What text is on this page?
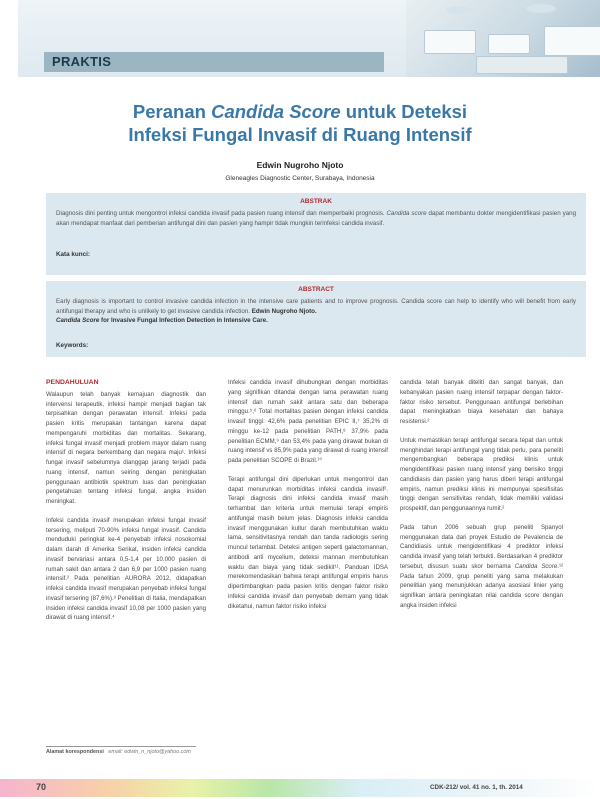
PRAKTIS
Peranan Candida Score untuk Deteksi
Infeksi Fungal Invasif di Ruang Intensif
Edwin Nugroho Njoto
Gleneagles Diagnostic Center, Surabaya, Indonesia
ABSTRAK
Diagnosis dini penting untuk mengontrol infeksi candida invasif pada pasien ruang intensif dan memperbaiki prognosis. Candida score dapat membantu dokter mengidentifikasi pasien yang akan mendapat manfaat dari pemberian antifungal dini dan pasien yang hampir tidak mungkin terinfeksi candida invasif.
Kata kunci:
ABSTRACT
Early diagnosis is important to control invasive candida infection in the intensive care patients and to improve prognosis. Candida score can help to identify who will benefit from early antifungal therapy and who is unlikely to get invasive candida infection. Edwin Nugroho Njoto.
Candida Score for Invasive Fungal Infection Detection in Intensive Care.
Keywords:
PENDAHULUAN

Walaupun telah banyak kemajuan diagnostik dan intervensi terapeutik, infeksi hampir menjadi bagian tak terpisahkan dengan perawatan intensif. Infeksi pada pasien kritis merupakan tantangan karena dapat mempengaruhi morbiditas dan mortalitas. Sekarang, infeksi fungal invasif menjadi problem mayor dalam ruang intensif di negara berkembang dan negara maju¹. Infeksi fungal invasif sebelumnya dianggap jarang terjadi pada ruang intensif, namun seiring dengan peningkatan penggunaan antibiotik spektrum luas dan peningkatan pengetahuan tentang infeksi fungal, angka insiden meningkat.

Infeksi candida invasif merupakan infeksi fungal invasif tersering, meliputi 70-90% infeksi fungal invasif. Candida menduduki peringkat ke-4 penyebab infeksi nosokomial dalam darah di Amerika Serikat, insiden infeksi candida invasif bervariasi antara 0,5-1,4 per 10.000 pasien di rumah sakit dan antara 2 dan 6,9 per 1000 pasien ruang intensif.² Pada penelitian AURORA 2012, didapatkan infeksi candida invasif merupakan penyebab infeksi fungal invasif tersering (87,6%).³ Penelitian di Italia, mendapatkan insiden infeksi candida invasif 10,08 per 1000 pasien yang dirawat di ruang intensif.⁴

Infeksi candida invasif dihubungkan dengan morbiditas yang signifikan ditandai dengan lama perawatan ruang intensif dan rumah sakit antara satu dan beberapa minggu.⁵,⁶ Total mortalitas pasien dengan infeksi candida invasif tinggi: 42,6% pada penelitian EPIC II,⁷ 35,2% di minggu ke-12 pada penelitian PATH,⁸ 37,9% pada penelitian ECMM,⁹ dan 53,4% pada yang dirawat bukan di ruang intensif vs 85,9% pada yang dirawat di ruang intensif pada penelitian SCOPE di Brazil.¹⁰

Terapi antifungal dini diperlukan untuk mengontrol dan dapat menurunkan morbiditas infeksi candida invasif². Terapi diagnosis dini infeksi candida invasif masih terhambat dan kriteria untuk memulai terapi empiris antifungal masih belum jelas. Diagnosis infeksi candida invasif menggunakan kultur darah membutuhkan waktu lama, sensitivitasnya rendah dan tanda radiologis sering muncul terlambat. Deteksi antigen seperti galactomannan, antibodi anti mycelium, deteksi mannan membutuhkan waktu dan biaya yang tidak sedikit¹¹. Panduan IDSA merekomendasikan bahwa terapi antifungal empiris harus dipertimbangkan pada pasien kritis dengan faktor risiko infeksi candida invasif dan penyebab demam yang tidak diketahui, namun faktor risiko infeksi

candida telah banyak diteliti dan sangat banyak, dan kebanyakan pasien ruang intensif terpapar dengan faktor-faktor risiko tersebut. Penggunaan antifungal berlebihan dapat meningkatkan biaya kesehatan dan bahaya resistensi.²

Untuk memastikan terapi antifungal secara tepat dan untuk menghindari terapi antifungal yang tidak perlu, para peneliti mengembangkan beberapa prediksi klinis untuk mengidentifikasi pasien ruang intensif yang berisiko tinggi candidiasis dan pasien yang harus diberi terapi antifungal empiris, namun prediksi klinis ini mempunyai spesifisitas tinggi dengan sensitivitas rendah, tidak memiliki validasi prospektif, dan penggunaannya rumit.²

Pada tahun 2006 sebuah grup peneliti Spanyol menggunakan data dari proyek Estudio de Pevalencia de Candidiasis untuk mengidentifikasi 4 prediktor infeksi candida invasif yang telah terbukti. Berdasarkan 4 prediktor tersebut, disusun suatu skor bernama Candida Score.¹² Pada tahun 2009, grup peneliti yang sama melakukan penelitian yang menunjukkan adanya asosiasi linier yang signifikan antara peningkatan nilai candida score dengan angka insiden infeksi

Alamat korespondensi email: edwin_n_njoto@yahoo.com
70	CDK-212/ vol. 41 no. 1, th. 2014
